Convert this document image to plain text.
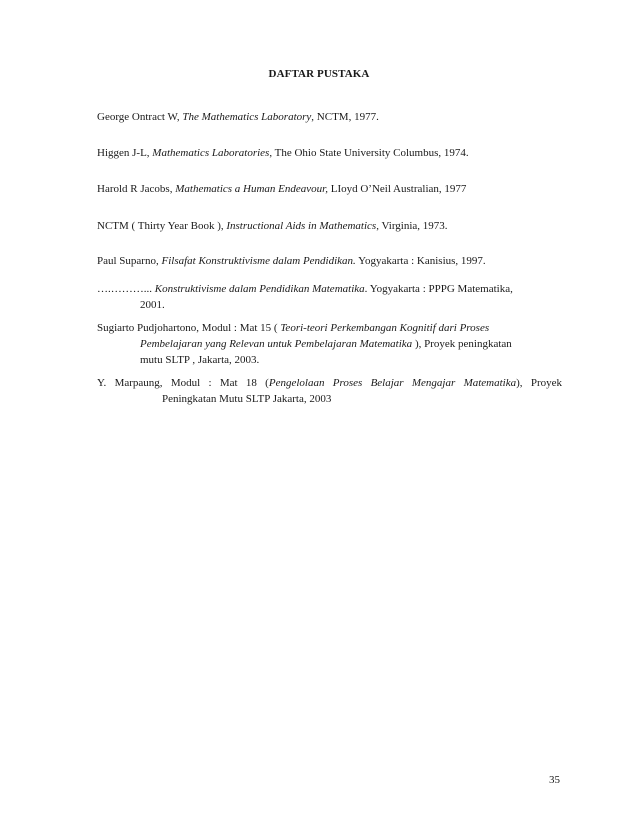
DAFTAR PUSTAKA
George Ontract W, The Mathematics Laboratory, NCTM, 1977.
Higgen J-L, Mathematics Laboratories, The Ohio State University Columbus, 1974.
Harold R Jacobs, Mathematics a Human Endeavour, LIoyd O’Neil Australian, 1977
NCTM ( Thirty Year Book ), Instructional Aids in Mathematics, Virginia, 1973.
Paul Suparno, Filsafat Konstruktivisme dalam Pendidikan. Yogyakarta : Kanisius, 1997.
….………... Konstruktivisme dalam Pendidikan Matematika. Yogyakarta : PPPG Matematika,
2001.
Sugiarto Pudjohartono, Modul : Mat 15 ( Teori-teori Perkembangan Kognitif dari Proses
Pembelajaran yang Relevan untuk Pembelajaran Matematika ), Proyek peningkatan
mutu SLTP , Jakarta, 2003.
Y. Marpaung, Modul : Mat 18 (Pengelolaan Proses Belajar Mengajar Matematika), Proyek
Peningkatan Mutu SLTP Jakarta, 2003
35
